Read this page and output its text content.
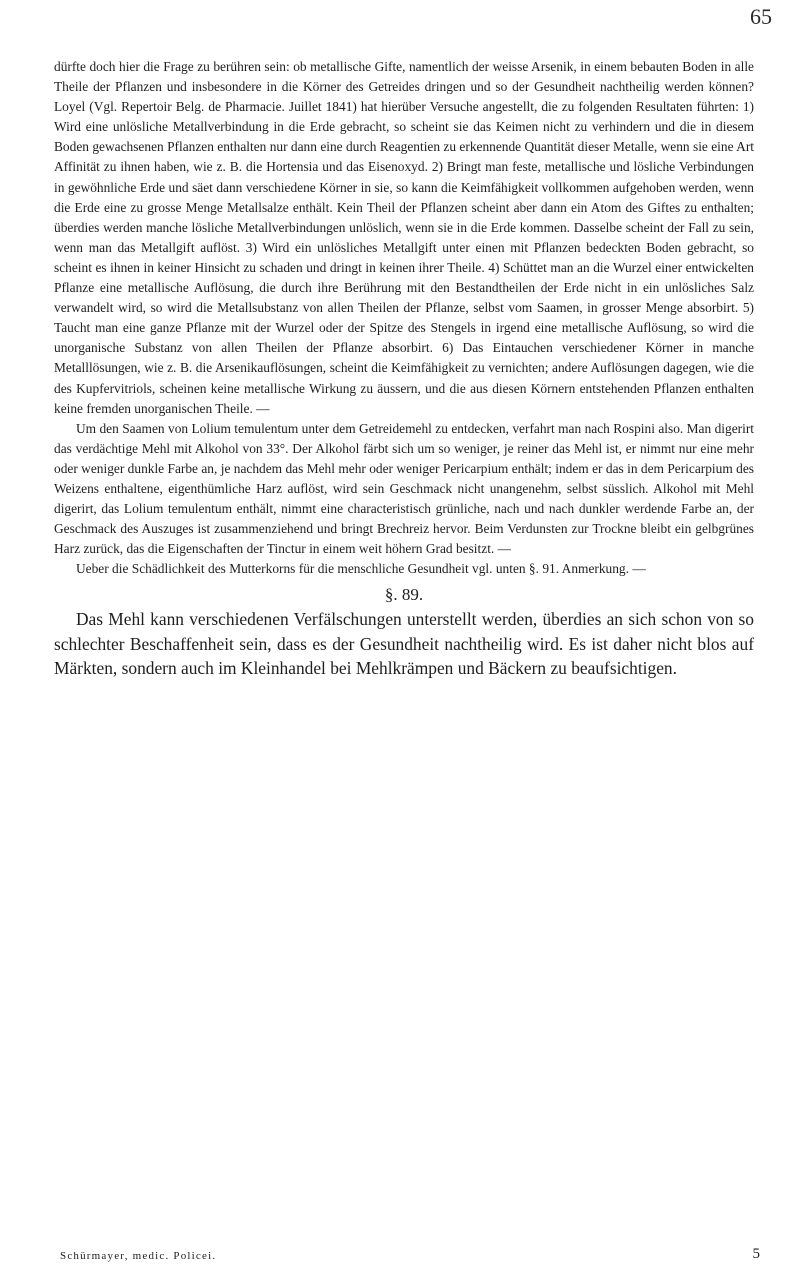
65

dürfte doch hier die Frage zu berühren sein: ob metallische Gifte, namentlich der weisse Arsenik, in einem bebauten Boden in alle Theile der Pflanzen und insbesondere in die Körner des Getreides dringen und so der Gesundheit nachtheilig werden können? Loyel (Vgl. Repertoir Belg. de Pharmacie. Juillet 1841) hat hierüber Versuche angestellt, die zu folgenden Resultaten führten: 1) Wird eine unlösliche Metallverbindung in die Erde gebracht, so scheint sie das Keimen nicht zu verhindern und die in diesem Boden gewachsenen Pflanzen enthalten nur dann eine durch Reagentien zu erkennende Quantität dieser Metalle, wenn sie eine Art Affinität zu ihnen haben, wie z. B. die Hortensia und das Eisenoxyd. 2) Bringt man feste, metallische und lösliche Verbindungen in gewöhnliche Erde und säet dann verschiedene Körner in sie, so kann die Keimfähigkeit vollkommen aufgehoben werden, wenn die Erde eine zu grosse Menge Metallsalze enthält. Kein Theil der Pflanzen scheint aber dann ein Atom des Giftes zu enthalten; überdies werden manche lösliche Metallverbindungen unlöslich, wenn sie in die Erde kommen. Dasselbe scheint der Fall zu sein, wenn man das Metallgift auflöst. 3) Wird ein unlösliches Metallgift unter einen mit Pflanzen bedeckten Boden gebracht, so scheint es ihnen in keiner Hinsicht zu schaden und dringt in keinen ihrer Theile. 4) Schüttet man an die Wurzel einer entwickelten Pflanze eine metallische Auflösung, die durch ihre Berührung mit den Bestandtheilen der Erde nicht in ein unlösliches Salz verwandelt wird, so wird die Metallsubstanz von allen Theilen der Pflanze, selbst vom Saamen, in grosser Menge absorbirt. 5) Taucht man eine ganze Pflanze mit der Wurzel oder der Spitze des Stengels in irgend eine metallische Auflösung, so wird die unorganische Substanz von allen Theilen der Pflanze absorbirt. 6) Das Eintauchen verschiedener Körner in manche Metalllösungen, wie z. B. die Arsenikauflösungen, scheint die Keimfähigkeit zu vernichten; andere Auflösungen dagegen, wie die des Kupfervitriols, scheinen keine metallische Wirkung zu äussern, und die aus diesen Körnern entstehenden Pflanzen enthalten keine fremden unorganischen Theile. —

Um den Saamen von Lolium temulentum unter dem Getreidemehl zu entdecken, verfahrt man nach Rospini also. Man digerirt das verdächtige Mehl mit Alkohol von 33°. Der Alkohol färbt sich um so weniger, je reiner das Mehl ist, er nimmt nur eine mehr oder weniger dunkle Farbe an, je nachdem das Mehl mehr oder weniger Pericarpium enthält; indem er das in dem Pericarpium des Weizens enthaltene, eigenthümliche Harz auflöst, wird sein Geschmack nicht unangenehm, selbst süsslich. Alkohol mit Mehl digerirt, das Lolium temulentum enthält, nimmt eine characteristisch grünliche, nach und nach dunkler werdende Farbe an, der Geschmack des Auszuges ist zusammenziehend und bringt Brechreiz hervor. Beim Verdunsten zur Trockne bleibt ein gelbgrünes Harz zurück, das die Eigenschaften der Tinctur in einem weit höhern Grad besitzt. —

Ueber die Schädlichkeit des Mutterkorns für die menschliche Gesundheit vgl. unten §. 91. Anmerkung. —

§. 89.

Das Mehl kann verschiedenen Verfälschungen unterstellt werden, überdies an sich schon von so schlechter Beschaffenheit sein, dass es der Gesundheit nachtheilig wird. Es ist daher nicht blos auf Märkten, sondern auch im Kleinhandel bei Mehlkrämpen und Bäckern zu beaufsichtigen.

Schürmayer, medic. Policei.	5
